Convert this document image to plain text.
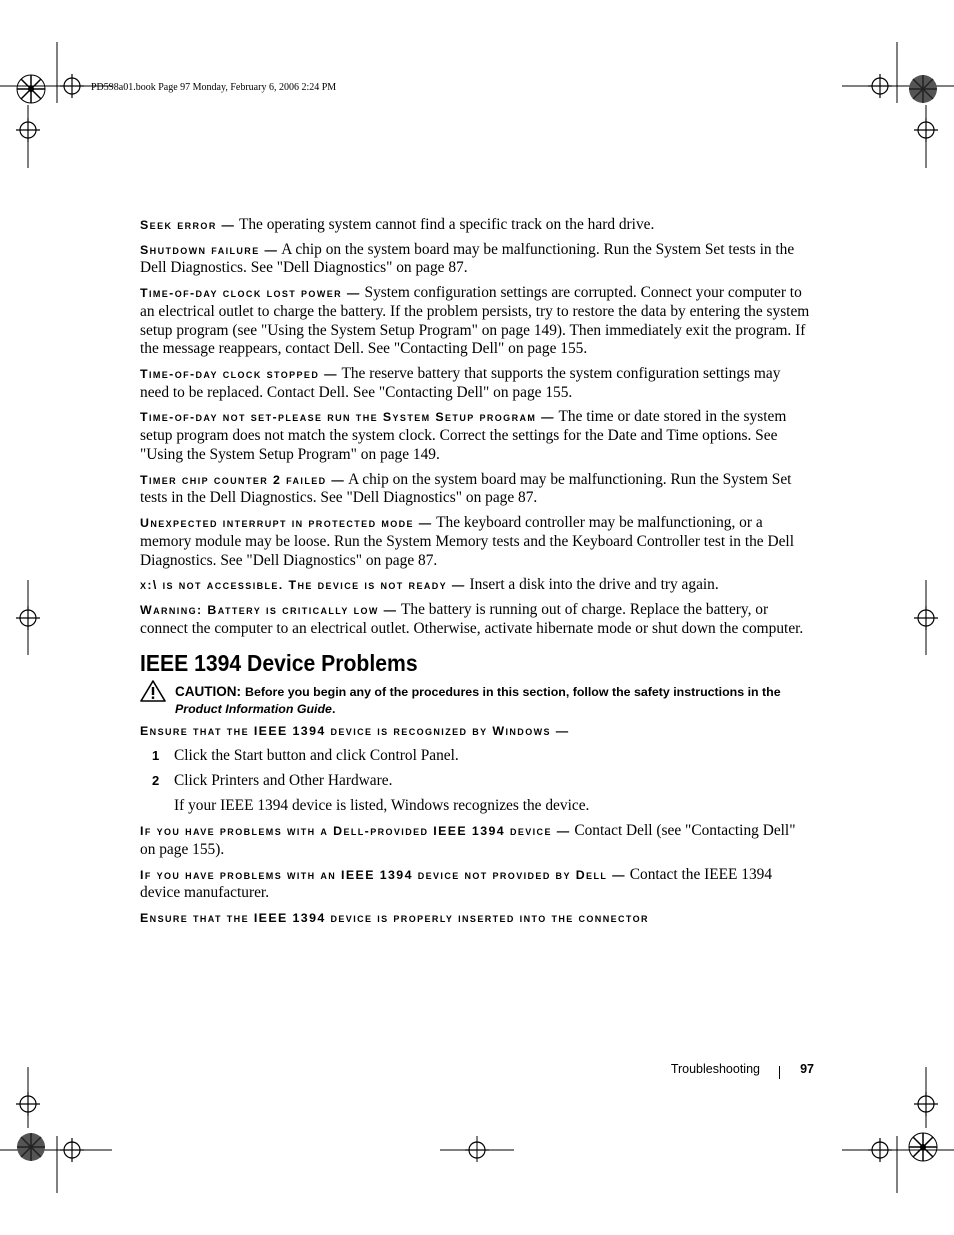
PD598a01.book Page 97 Monday, February 6, 2006 2:24 PM

Seek error — The operating system cannot find a specific track on the hard drive.

Shutdown failure — A chip on the system board may be malfunctioning. Run the System Set tests in the Dell Diagnostics. See "Dell Diagnostics" on page 87.

Time-of-day clock lost power — System configuration settings are corrupted. Connect your computer to an electrical outlet to charge the battery. If the problem persists, try to restore the data by entering the system setup program (see "Using the System Setup Program" on page 149). Then immediately exit the program. If the message reappears, contact Dell. See "Contacting Dell" on page 155.

Time-of-day clock stopped — The reserve battery that supports the system configuration settings may need to be replaced. Contact Dell. See "Contacting Dell" on page 155.

Time-of-day not set-please run the System Setup program — The time or date stored in the system setup program does not match the system clock. Correct the settings for the Date and Time options. See "Using the System Setup Program" on page 149.

Timer chip counter 2 failed — A chip on the system board may be malfunctioning. Run the System Set tests in the Dell Diagnostics. See "Dell Diagnostics" on page 87.

Unexpected interrupt in protected mode — The keyboard controller may be malfunctioning, or a memory module may be loose. Run the System Memory tests and the Keyboard Controller test in the Dell Diagnostics. See "Dell Diagnostics" on page 87.

x:\ is not accessible. The device is not ready — Insert a disk into the drive and try again.

Warning: Battery is critically low — The battery is running out of charge. Replace the battery, or connect the computer to an electrical outlet. Otherwise, activate hibernate mode or shut down the computer.

IEEE 1394 Device Problems
CAUTION: Before you begin any of the procedures in this section, follow the safety instructions in the Product Information Guide.

Ensure that the IEEE 1394 device is recognized by Windows —

1 Click the Start button and click Control Panel.
2 Click Printers and Other Hardware.

If your IEEE 1394 device is listed, Windows recognizes the device.

If you have problems with a Dell-provided IEEE 1394 device — Contact Dell (see "Contacting Dell" on page 155).

If you have problems with an IEEE 1394 device not provided by Dell — Contact the IEEE 1394 device manufacturer.

Ensure that the IEEE 1394 device is properly inserted into the connector

Troubleshooting	97
